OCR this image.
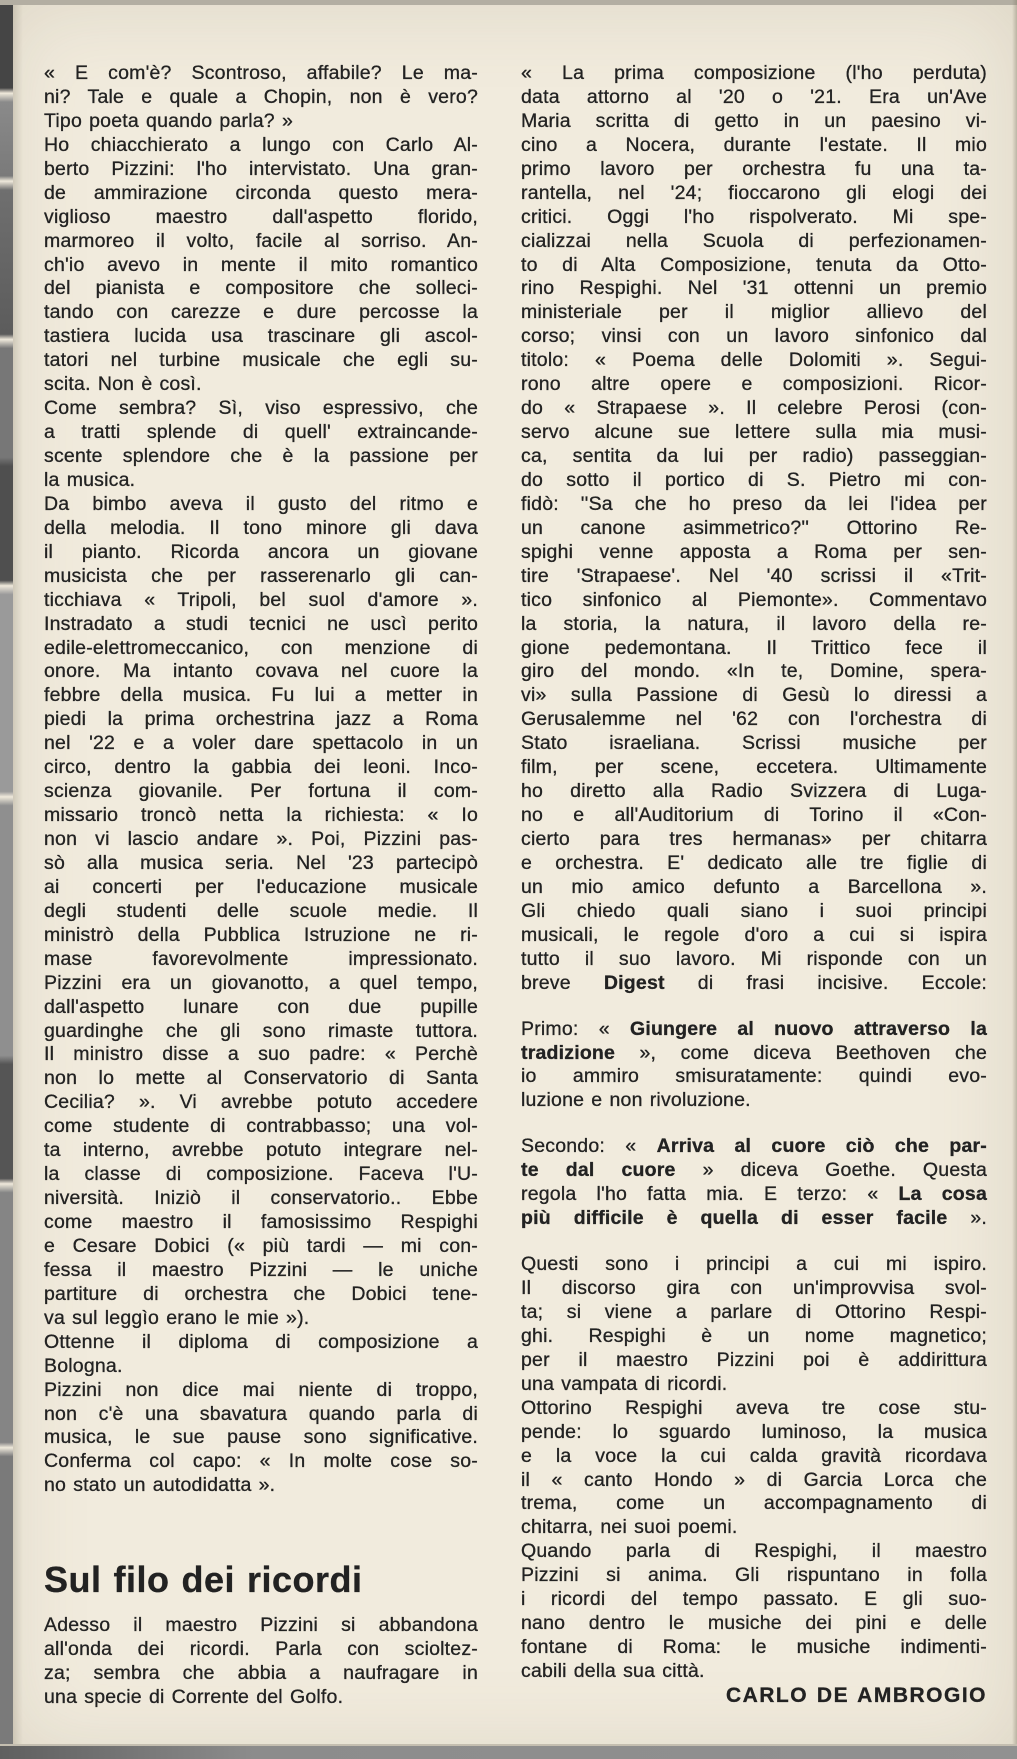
« E com'è? Scontroso, affabile? Le ma-
ni? Tale e quale a Chopin, non è vero?
Tipo poeta quando parla? »
Ho chiacchierato a lungo con Carlo Al-
berto Pizzini: l'ho intervistato. Una gran-
de ammirazione circonda questo mera-
viglioso maestro dall'aspetto florido,
marmoreo il volto, facile al sorriso. An-
ch'io avevo in mente il mito romantico
del pianista e compositore che solleci-
tando con carezze e dure percosse la
tastiera lucida usa trascinare gli ascol-
tatori nel turbine musicale che egli su-
scita. Non è così.
Come sembra? Sì, viso espressivo, che
a tratti splende di quell' extraincande-
scente splendore che è la passione per
la musica.
Da bimbo aveva il gusto del ritmo e
della melodia. Il tono minore gli dava
il pianto. Ricorda ancora un giovane
musicista che per rasserenarlo gli can-
ticchiava « Tripoli, bel suol d'amore ».
Instradato a studi tecnici ne uscì perito
edile-elettromeccanico, con menzione di
onore. Ma intanto covava nel cuore la
febbre della musica. Fu lui a metter in
piedi la prima orchestrina jazz a Roma
nel '22 e a voler dare spettacolo in un
circo, dentro la gabbia dei leoni. Inco-
scienza giovanile. Per fortuna il com-
missario troncò netta la richiesta: « Io
non vi lascio andare ». Poi, Pizzini pas-
sò alla musica seria. Nel '23 partecipò
ai concerti per l'educazione musicale
degli studenti delle scuole medie. Il
ministrò della Pubblica Istruzione ne ri-
mase favorevolmente impressionato.
Pizzini era un giovanotto, a quel tempo,
dall'aspetto lunare con due pupille
guardinghe che gli sono rimaste tuttora.
Il ministro disse a suo padre: « Perchè
non lo mette al Conservatorio di Santa
Cecilia? ». Vi avrebbe potuto accedere
come studente di contrabbasso; una vol-
ta interno, avrebbe potuto integrare nel-
la classe di composizione. Faceva l'U-
niversità. Iniziò il conservatorio.. Ebbe
come maestro il famosissimo Respighi
e Cesare Dobici (« più tardi — mi con-
fessa il maestro Pizzini — le uniche
partiture di orchestra che Dobici tene-
va sul leggìo erano le mie »).
Ottenne il diploma di composizione a
Bologna.
Pizzini non dice mai niente di troppo,
non c'è una sbavatura quando parla di
musica, le sue pause sono significative.
Conferma col capo: « In molte cose so-
no stato un autodidatta ».
Sul filo dei ricordi
Adesso il maestro Pizzini si abbandona
all'onda dei ricordi. Parla con scioltez-
za; sembra che abbia a naufragare in
una specie di Corrente del Golfo.
« La prima composizione (l'ho perduta)
data attorno al '20 o '21. Era un'Ave
Maria scritta di getto in un paesino vi-
cino a Nocera, durante l'estate. Il mio
primo lavoro per orchestra fu una ta-
rantella, nel '24; fioccarono gli elogi dei
critici. Oggi l'ho rispolverato. Mi spe-
cializzai nella Scuola di perfezionamen-
to di Alta Composizione, tenuta da Otto-
rino Respighi. Nel '31 ottenni un premio
ministeriale per il miglior allievo del
corso; vinsi con un lavoro sinfonico dal
titolo: « Poema delle Dolomiti ». Segui-
rono altre opere e composizioni. Ricor-
do « Strapaese ». Il celebre Perosi (con-
servo alcune sue lettere sulla mia musi-
ca, sentita da lui per radio) passeggian-
do sotto il portico di S. Pietro mi con-
fidò: ''Sa che ho preso da lei l'idea per
un canone asimmetrico?'' Ottorino Re-
spighi venne apposta a Roma per sen-
tire 'Strapaese'. Nel '40 scrissi il «Trit-
tico sinfonico al Piemonte». Commentavo
la storia, la natura, il lavoro della re-
gione pedemontana. Il Trittico fece il
giro del mondo. «In te, Domine, spera-
vi» sulla Passione di Gesù lo diressi a
Gerusalemme nel '62 con l'orchestra di
Stato israeliana. Scrissi musiche per
film, per scene, eccetera. Ultimamente
ho diretto alla Radio Svizzera di Luga-
no e all'Auditorium di Torino il «Con-
cierto para tres hermanas» per chitarra
e orchestra. E' dedicato alle tre figlie di
un mio amico defunto a Barcellona ».
Gli chiedo quali siano i suoi principi
musicali, le regole d'oro a cui si ispira
tutto il suo lavoro. Mi risponde con un
breve Digest di frasi incisive. Eccole:
Primo: « Giungere al nuovo attraverso la
tradizione », come diceva Beethoven che
io ammiro smisuratamente: quindi evo-
luzione e non rivoluzione.
Secondo: « Arriva al cuore ciò che par-
te dal cuore » diceva Goethe. Questa
regola l'ho fatta mia. E terzo: « La cosa
più difficile è quella di esser facile ».
Questi sono i principi a cui mi ispiro.
Il discorso gira con un'improvvisa svol-
ta; si viene a parlare di Ottorino Respi-
ghi. Respighi è un nome magnetico;
per il maestro Pizzini poi è addirittura
una vampata di ricordi.
Ottorino Respighi aveva tre cose stu-
pende: lo sguardo luminoso, la musica
e la voce la cui calda gravità ricordava
il « canto Hondo » di Garcia Lorca che
trema, come un accompagnamento di
chitarra, nei suoi poemi.
Quando parla di Respighi, il maestro
Pizzini si anima. Gli rispuntano in folla
i ricordi del tempo passato. E gli suo-
nano dentro le musiche dei pini e delle
fontane di Roma: le musiche indimenti-
cabili della sua città.
CARLO DE AMBROGIO
